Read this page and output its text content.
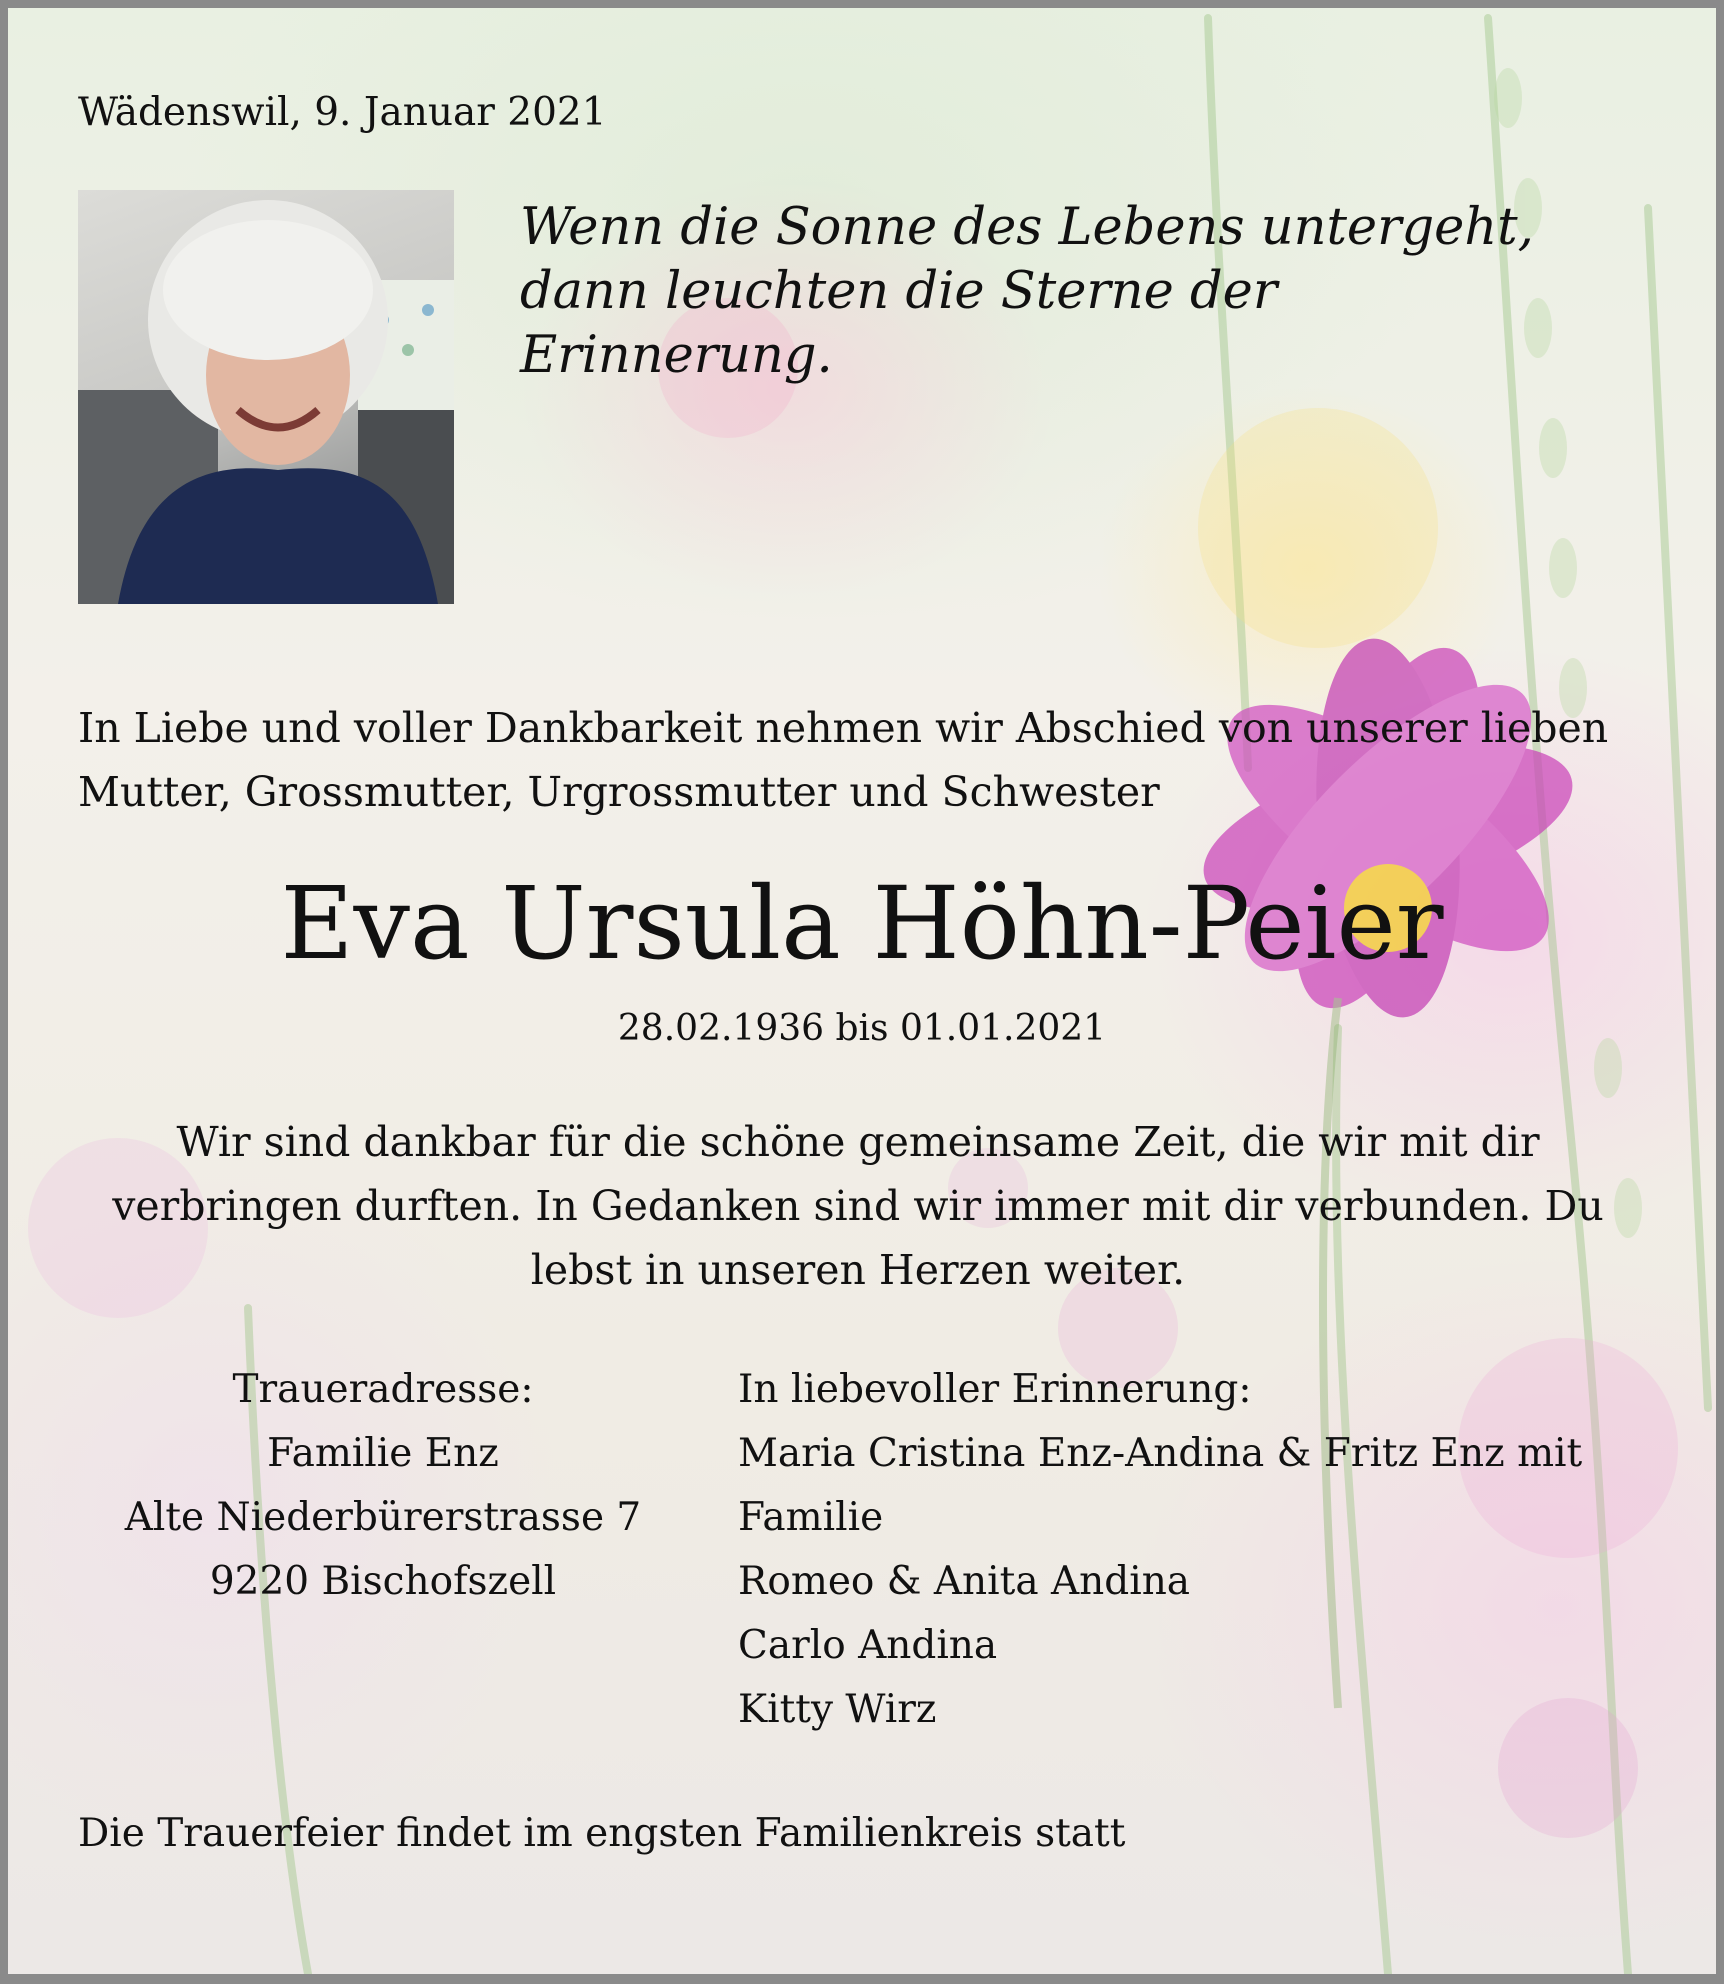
Wädenswil, 9. Januar 2021
Wenn die Sonne des Lebens untergeht,
dann leuchten die Sterne der Erinnerung.
In Liebe und voller Dankbarkeit nehmen wir Abschied von unserer lieben Mutter, Grossmutter, Urgrossmutter und Schwester
Eva Ursula Höhn-Peier
28.02.1936 bis 01.01.2021
Wir sind dankbar für die schöne gemeinsame Zeit, die wir mit dir verbringen durften. In Gedanken sind wir immer mit dir verbunden. Du lebst in unseren Herzen weiter.
Traueradresse:
Familie Enz
Alte Niederbürerstrasse 7
9220 Bischofszell
In liebevoller Erinnerung:
Maria Cristina Enz-Andina & Fritz Enz mit Familie
Romeo & Anita Andina
Carlo Andina
Kitty Wirz
Die Trauerfeier findet im engsten Familienkreis statt
